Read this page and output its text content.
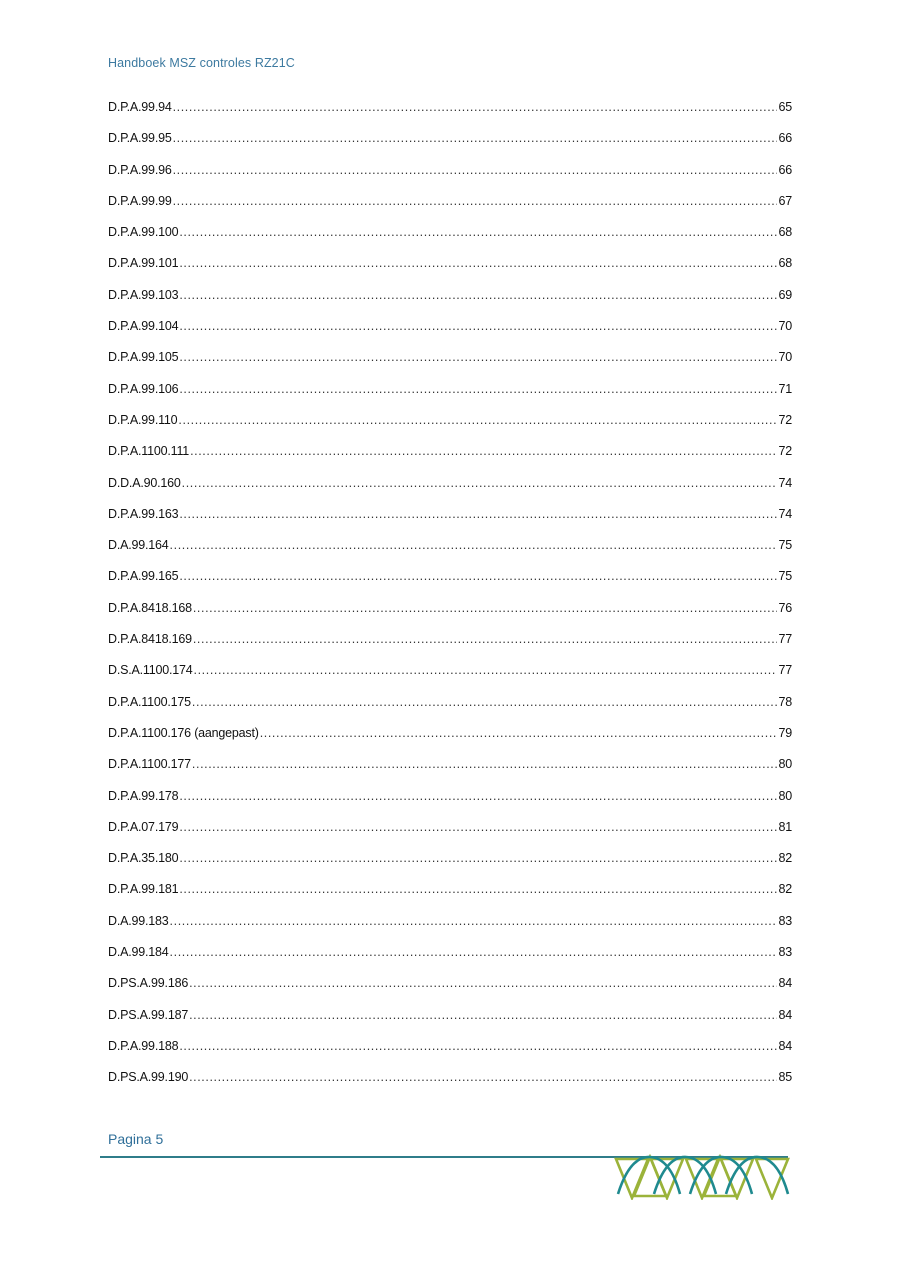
Handboek MSZ controles RZ21C
D.P.A.99.94 .....	65
D.P.A.99.95 .....	66
D.P.A.99.96 .....	66
D.P.A.99.99 .....	67
D.P.A.99.100 .....	68
D.P.A.99.101 .....	68
D.P.A.99.103 .....	69
D.P.A.99.104 .....	70
D.P.A.99.105 .....	70
D.P.A.99.106 .....	71
D.P.A.99.110 .....	72
D.P.A.1100.111 .....	72
D.D.A.90.160 .....	74
D.P.A.99.163 .....	74
D.A.99.164 .....	75
D.P.A.99.165 .....	75
D.P.A.8418.168 .....	76
D.P.A.8418.169 .....	77
D.S.A.1100.174 .....	77
D.P.A.1100.175 .....	78
D.P.A.1100.176 (aangepast) .....	79
D.P.A.1100.177 .....	80
D.P.A.99.178 .....	80
D.P.A.07.179 .....	81
D.P.A.35.180 .....	82
D.P.A.99.181 .....	82
D.A.99.183 .....	83
D.A.99.184 .....	83
D.PS.A.99.186 .....	84
D.PS.A.99.187 .....	84
D.P.A.99.188 .....	84
D.PS.A.99.190 .....	85
Pagina 5
